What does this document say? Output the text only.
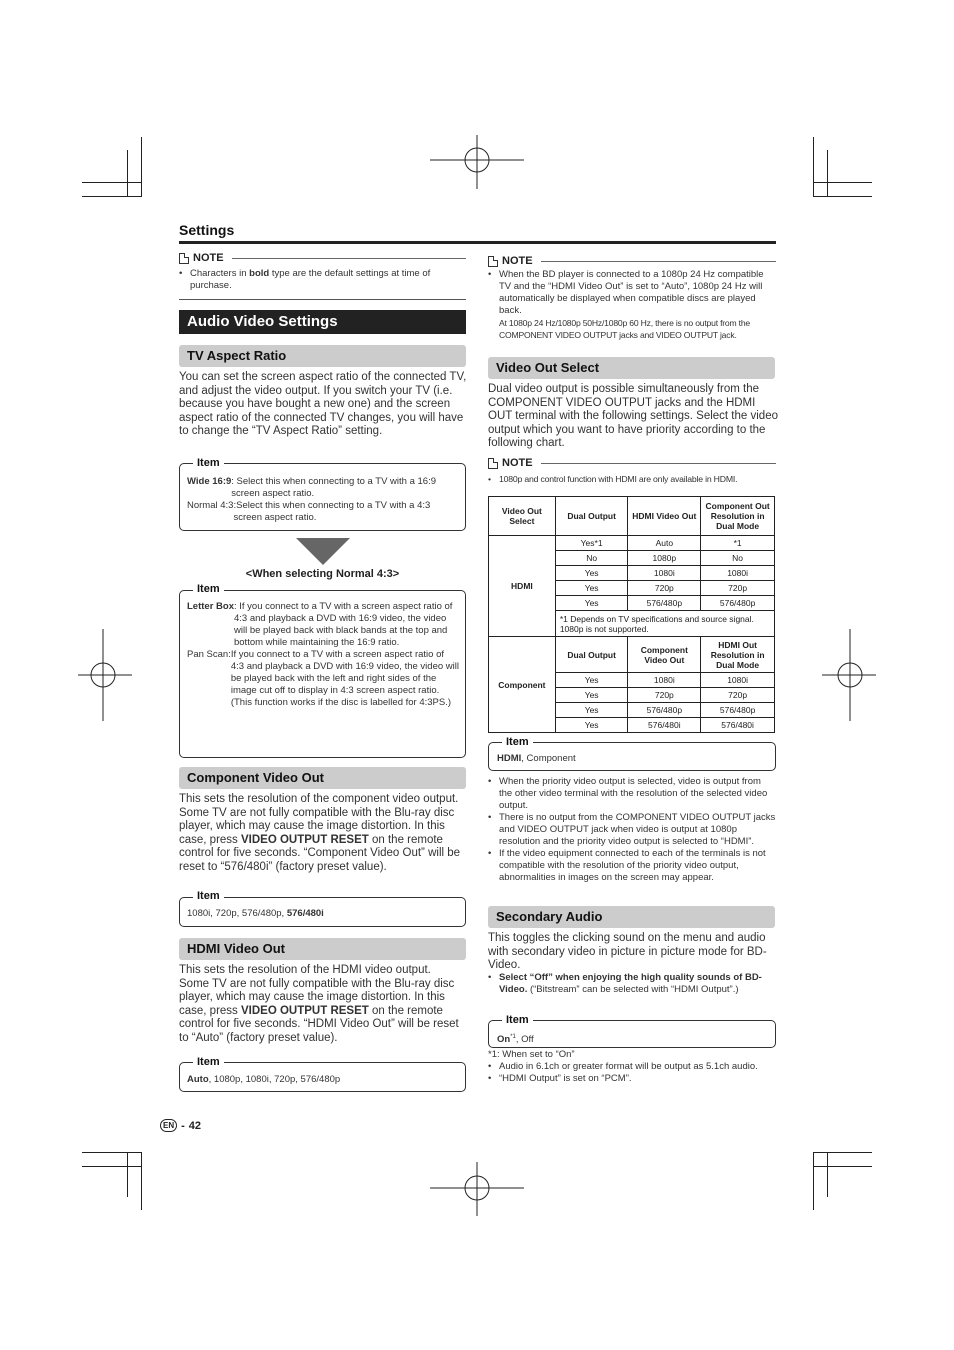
Settings
NOTE
• Characters in bold type are the default settings at time of purchase.
Audio Video Settings
TV Aspect Ratio
You can set the screen aspect ratio of the connected TV, and adjust the video output. If you switch your TV (i.e. because you have bought a new one) and the screen aspect ratio of the connected TV changes, you will have to change the “TV Aspect Ratio” setting.
Item
Wide 16:9 : Select this when connecting to a TV with a 16:9 screen aspect ratio.
Normal 4:3 :Select this when connecting to a TV with a 4:3 screen aspect ratio.
<When selecting Normal 4:3>
Item
Letter Box : If you connect to a TV with a screen aspect ratio of 4:3 and playback a DVD with 16:9 video, the video will be played back with black bands at the top and bottom while maintaining the 16:9 ratio.
Pan Scan: If you connect to a TV with a screen aspect ratio of 4:3 and playback a DVD with 16:9 video, the video will be played back with the left and right sides of the image cut off to display in 4:3 screen aspect ratio. (This function works if the disc is labelled for 4:3PS.)
Component Video Out
This sets the resolution of the component video output.
Some TV are not fully compatible with the Blu-ray disc player, which may cause the image distortion. In this case, press VIDEO OUTPUT RESET on the remote control for five seconds. “Component Video Out” will be reset to “576/480i” (factory preset value).
Item
1080i, 720p, 576/480p, 576/480i
HDMI Video Out
This sets the resolution of the HDMI video output.
Some TV are not fully compatible with the Blu-ray disc player, which may cause the image distortion. In this case, press VIDEO OUTPUT RESET on the remote control for five seconds. “HDMI Video Out” will be reset to “Auto” (factory preset value).
Item
Auto, 1080p, 1080i, 720p, 576/480p
EN - 42
NOTE
• When the BD player is connected to a 1080p 24 Hz compatible TV and the “HDMI Video Out” is set to “Auto”, 1080p 24 Hz will automatically be displayed when compatible discs are played back.
At 1080p 24 Hz/1080p 50Hz/1080p 60 Hz, there is no output from the COMPONENT VIDEO OUTPUT jacks and VIDEO OUTPUT jack.
Video Out Select
Dual video output is possible simultaneously from the COMPONENT VIDEO OUTPUT jacks and the HDMI OUT terminal with the following settings. Select the video output which you want to have priority according to the following chart.
NOTE
• 1080p and control function with HDMI are only available in HDMI.
Video Out Select	Dual Output	HDMI Video Out	Component Out Resolution in Dual Mode
HDMI	Yes*1	Auto	*1
	No	1080p	No
	Yes	1080i	1080i
	Yes	720p	720p
	Yes	576/480p	576/480p
	*1 Depends on TV specifications and source signal. 1080p is not supported.		
Component	Dual Output	Component Video Out	HDMI Out Resolution in Dual Mode
	Yes	1080i	1080i
	Yes	720p	720p
	Yes	576/480p	576/480p
	Yes	576/480i	576/480i
Item
HDMI, Component
• When the priority video output is selected, video is output from the other video terminal with the resolution of the selected video output.
• There is no output from the COMPONENT VIDEO OUTPUT jacks and VIDEO OUTPUT jack when video is output at 1080p resolution and the priority video output is selected to “HDMI”.
• If the video equipment connected to each of the terminals is not compatible with the resolution of the priority video output, abnormalities in images on the screen may appear.
Secondary Audio
This toggles the clicking sound on the menu and audio with secondary video in picture in picture mode for BD-Video.
• Select “Off” when enjoying the high quality sounds of BD-Video. (“Bitstream” can be selected with “HDMI Output”.)
Item
On$^{*1}$, Off
*1: When set to “On”
• Audio in 6.1ch or greater format will be output as 5.1ch audio.
• “HDMI Output” is set on “PCM”.
